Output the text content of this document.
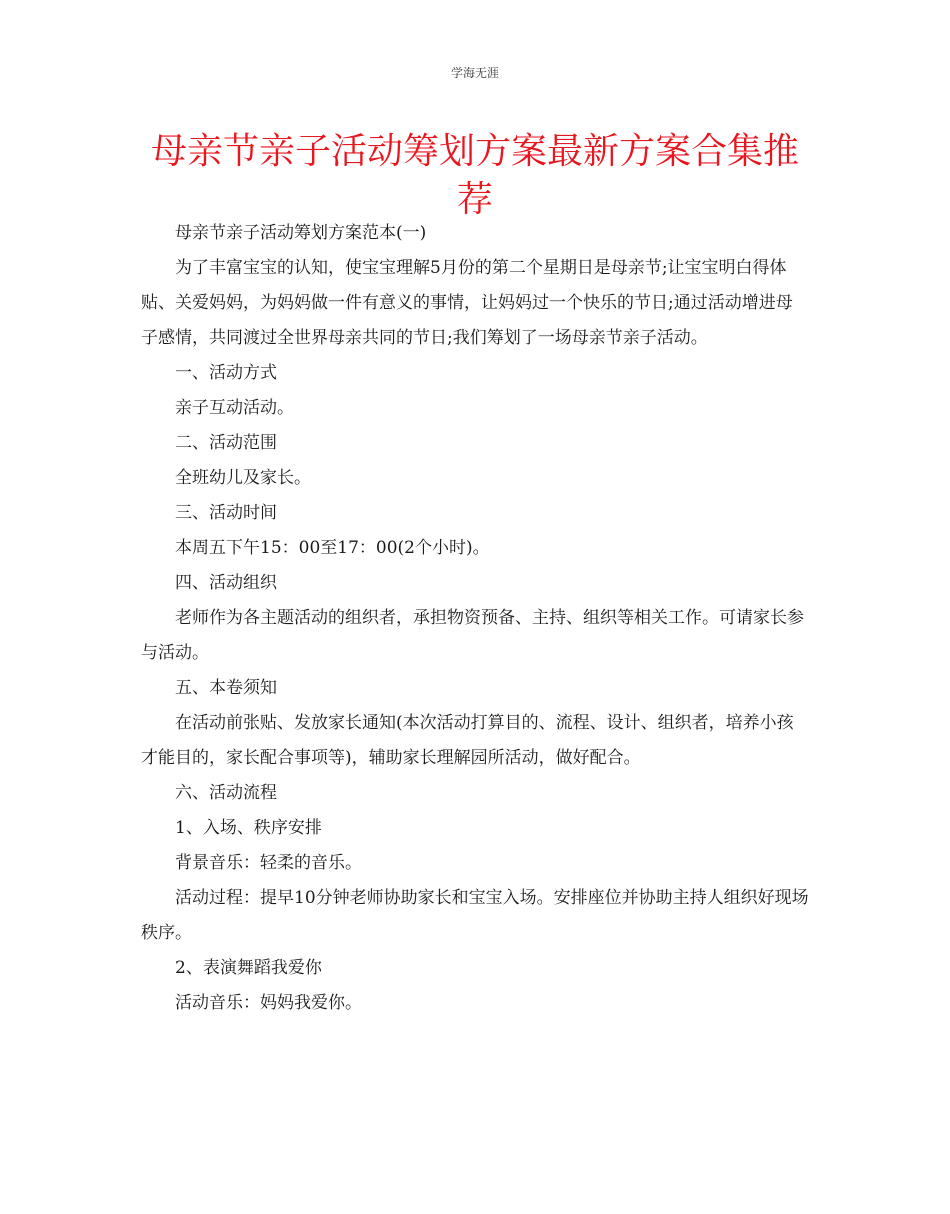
学海无涯
母亲节亲子活动筹划方案最新方案合集推荐

母亲节亲子活动筹划方案范本(一)

为了丰富宝宝的认知，使宝宝理解5月份的第二个星期日是母亲节;让宝宝明白得体贴、关爱妈妈，为妈妈做一件有意义的事情，让妈妈过一个快乐的节日;通过活动增进母子感情，共同渡过全世界母亲共同的节日;我们筹划了一场母亲节亲子活动。

一、活动方式

亲子互动活动。

二、活动范围

全班幼儿及家长。

三、活动时间

本周五下午15：00至17：00(2个小时)。

四、活动组织

老师作为各主题活动的组织者，承担物资预备、主持、组织等相关工作。可请家长参与活动。

五、本卷须知

在活动前张贴、发放家长通知(本次活动打算目的、流程、设计、组织者，培养小孩才能目的，家长配合事项等)，辅助家长理解园所活动，做好配合。

六、活动流程

1、入场、秩序安排

背景音乐：轻柔的音乐。

活动过程：提早10分钟老师协助家长和宝宝入场。安排座位并协助主持人组织好现场秩序。

2、表演舞蹈我爱你

活动音乐：妈妈我爱你。
